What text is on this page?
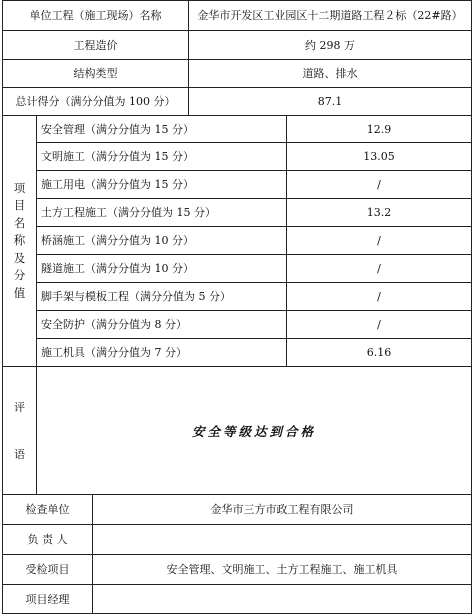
单位工程（施工现场）名称	金华市开发区工业园区十二期道路工程２标（22#路）
工程造价	约 298 万
结构类型	道路、排水
总计得分（满分分值为 100 分）	87.1
项
目
名
称
及
分
值
安全管理（满分分值为 15 分）	12.9
文明施工（满分分值为 15 分）	13.05
施工用电（满分分值为 15 分）	/
土方工程施工（满分分值为 15 分）	13.2
桥涵施工（满分分值为 10 分）	/
隧道施工（满分分值为 10 分）	/
脚手架与模板工程（满分分值为 5 分）	/
安全防护（满分分值为 8 分）	/
施工机具（满分分值为 7 分）	6.16
评
语
安全等级达到合格
检查单位	金华市三方市政工程有限公司
负 责 人
受检项目	安全管理、文明施工、土方工程施工、施工机具
项目经理
